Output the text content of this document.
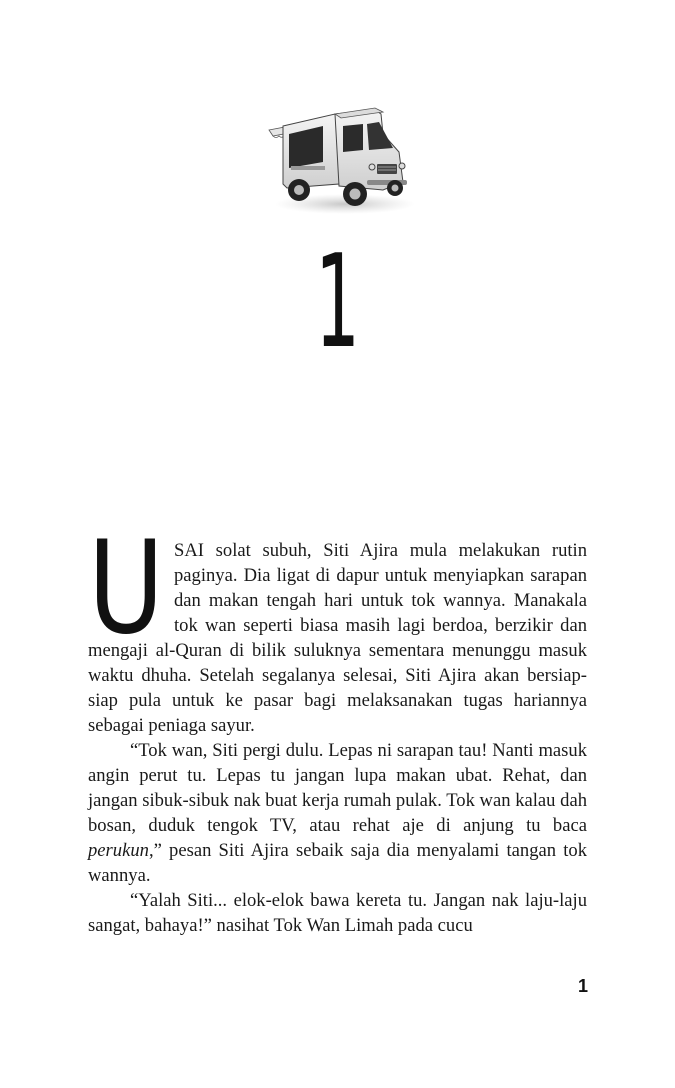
1
U SAI solat subuh, Siti Ajira mula melakukan rutin paginya. Dia ligat di dapur untuk menyiapkan sarapan dan makan tengah hari untuk tok wannya. Manakala tok wan seperti biasa masih lagi berdoa, berzikir dan mengaji al-Quran di bilik suluknya sementara menunggu masuk waktu dhuha. Setelah segalanya selesai, Siti Ajira akan bersiap-siap pula untuk ke pasar bagi melaksanakan tugas hariannya sebagai peniaga sayur.

“Tok wan, Siti pergi dulu. Lepas ni sarapan tau! Nanti masuk angin perut tu. Lepas tu jangan lupa makan ubat. Rehat, dan jangan sibuk-sibuk nak buat kerja rumah pulak. Tok wan kalau dah bosan, duduk tengok TV, atau rehat aje di anjung tu baca perukun,” pesan Siti Ajira sebaik saja dia menyalami tangan tok wannya.

“Yalah Siti... elok-elok bawa kereta tu. Jangan nak laju-laju sangat, bahaya!” nasihat Tok Wan Limah pada cucu

1
